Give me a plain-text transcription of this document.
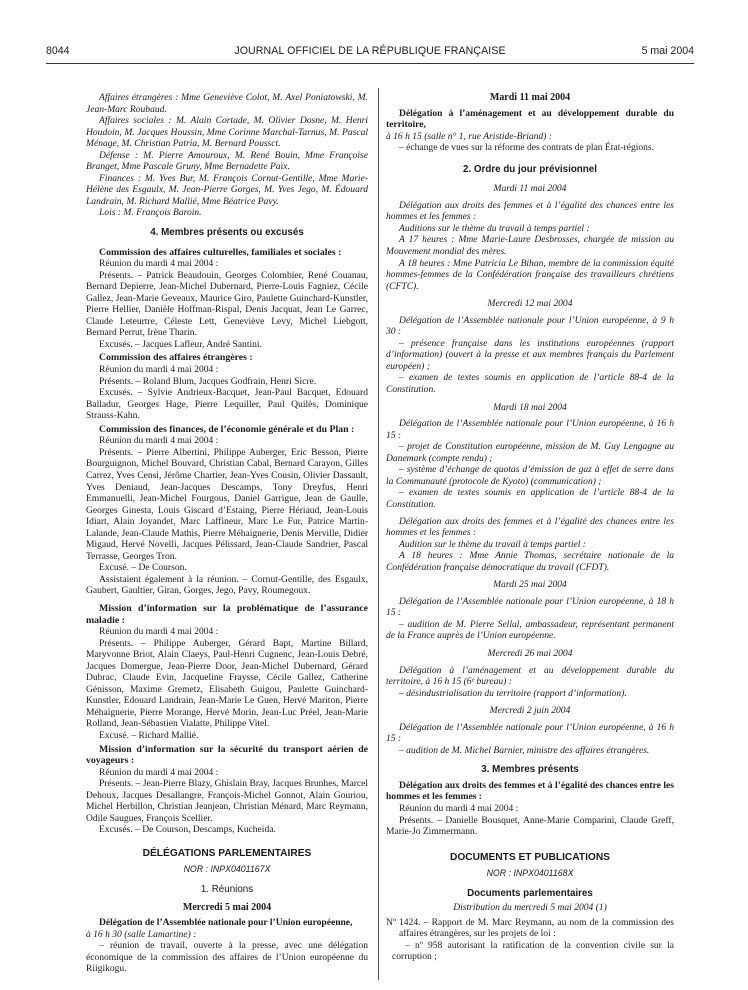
8044	JOURNAL OFFICIEL DE LA RÉPUBLIQUE FRANÇAISE	5 mai 2004

Affaires étrangères : Mme Geneviève Colot, M. Axel Poniatowski, M. Jean-Marc Roubaud.

Affaires sociales : M. Alain Cortade, M. Olivier Dosne, M. Henri Houdoin, M. Jacques Houssin, Mme Corinne Marchal-Tarnus, M. Pascal Ménage, M. Christian Patria, M. Bernard Poussct.

Défense : M. Pierre Amouroux, M. René Bouin, Mme Françoise Branget, Mme Pascale Gruny, Mme Bernadette Païx.

Finances : M. Yves Bur, M. François Cornut-Gentille, Mme Marie-Hélène des Esgaulx, M. Jean-Pierre Gorges, M. Yves Jego, M. Édouard Landrain, M. Richard Mallié, Mme Béatrice Pavy.

Lois : M. François Baroin.

4. Membres présents ou excusés

Commission des affaires culturelles, familiales et sociales :

Réunion du mardi 4 mai 2004 :

Présents. – Patrick Beaudouin, Georges Colombier, René Couanau, Bernard Depierre, Jean-Michel Dubernard, Pierre-Louis Fagniez, Cécile Gallez, Jean-Marie Geveaux, Maurice Giro, Paulette Guinchard-Kunstler, Pierre Hellier, Danièle Hoffman-Rispal, Denis Jacquat, Jean Le Garrec, Claude Leteurtre, Céleste Lett, Geneviève Levy, Michel Liebgott, Bernard Perrut, Irène Tharin.

Excusés. – Jacques Lafleur, André Santini.

Commission des affaires étrangères :

Réunion du mardi 4 mai 2004 :

Présents. – Roland Blum, Jacques Godfrain, Henri Sicre.

Excusés. – Sylvie Andrieux-Bacquet, Jean-Paul Bacquet, Edouard Balladur, Georges Hage, Pierre Lequiller, Paul Quilès, Dominique Strauss-Kahn.

Commission des finances, de l’économie générale et du Plan :

Réunion du mardi 4 mai 2004 :

Présents. – Pierre Albertini, Philippe Auberger, Eric Besson, Pierre Bourguignon, Michel Bouvard, Christian Cabal, Bernard Carayon, Gilles Carrez, Yves Censi, Jérôme Chartier, Jean-Yves Cousin, Olivier Dassault, Yves Deniaud, Jean-Jacques Descamps, Tony Dreyfus, Henri Emmanuelli, Jean-Michel Fourgous, Daniel Garrigue, Jean de Gaulle, Georges Ginesta, Louis Giscard d’Estaing, Pierre Hériaud, Jean-Louis Idiart, Alain Joyandet, Marc Laffineur, Marc Le Fur, Patrice Martin-Lalande, Jean-Claude Mathis, Pierre Méhaignerie, Denis Merville, Didier Migaud, Hervé Novelli, Jacques Pélissard, Jean-Claude Sandrier, Pascal Terrasse, Georges Tron.

Excusé. – De Courson.

Assistaient également à la réunion. – Cornut-Gentille, des Esgaulx, Gaubert, Gaultier, Giran, Gorges, Jego, Pavy, Roumegoux.

Mission d’information sur la problématique de l’assurance maladie :

Réunion du mardi 4 mai 2004 :

Présents. – Philippe Auberger, Gérard Bapt, Martine Billard, Maryvonne Briot, Alain Claeys, Paul-Henri Cugnenc, Jean-Louis Debré, Jacques Domergue, Jean-Pierre Door, Jean-Michel Dubernard, Gérard Dubrac, Claude Evin, Jacqueline Fraysse, Cécile Gallez, Catherine Génisson, Maxime Gremetz, Elisabeth Guigou, Paulette Guinchard-Kunstler, Edouard Landrain, Jean-Marie Le Guen, Hervé Mariton, Pierre Méhaignerie, Pierre Morange, Hervé Morin, Jean-Luc Préel, Jean-Marie Rolland, Jean-Sébastien Vialatte, Philippe Vitel.

Excusé. – Richard Mallié.

Mission d’information sur la sécurité du transport aérien de voyageurs :

Réunion du mardi 4 mai 2004 :

Présents. – Jean-Pierre Blazy, Ghislain Bray, Jacques Brunhes, Marcel Dehoux, Jacques Desallangre, François-Michel Gonnot, Alain Gouriou, Michel Herbillon, Christian Jeanjean, Christian Ménard, Marc Reymann, Odile Saugues, François Scellier.

Excusés. – De Courson, Descamps, Kucheida.

DÉLÉGATIONS PARLEMENTAIRES
NOR : INPX0401167X
1. Réunions
Mercredi 5 mai 2004

Délégation de l’Assemblée nationale pour l’Union européenne,

à 16 h 30 (salle Lamartine) :

– réunion de travail, ouverte à la presse, avec une délégation économique de la commission des affaires de l’Union européenne du Riigikogu.

Mardi 11 mai 2004

Délégation à l’aménagement et au développement durable du territoire,

à 16 h 15 (salle n° 1, rue Aristide-Briand) :

– échange de vues sur la réforme des contrats de plan État-régions.

2. Ordre du jour prévisionnel
Mardi 11 mai 2004

Délégation aux droits des femmes et à l’égalité des chances entre les hommes et les femmes :

Auditions sur le thème du travail à temps partiel :

A 17 heures : Mme Marie-Laure Desbrosses, chargée de mission au Mouvement mondial des mères.

A 18 heures : Mme Patricia Le Bihan, membre de la commission équité hommes-femmes de la Confédération française des travailleurs chrétiens (CFTC).

Mercredi 12 mai 2004

Délégation de l’Assemblée nationale pour l’Union européenne, à 9 h 30 :

– présence française dans les institutions européennes (rapport d’information) (ouvert à la presse et aux membres français du Parlement européen) ;

– examen de textes soumis en application de l’article 88-4 de la Constitution.

Mardi 18 mai 2004

Délégation de l’Assemblée nationale pour l’Union européenne, à 16 h 15 :

– projet de Constitution européenne, mission de M. Guy Lengagne au Danemark (compte rendu) ;

– système d’échange de quotas d’émission de gaz à effet de serre dans la Communauté (protocole de Kyoto) (communication) ;

– examen de textes soumis en application de l’article 88-4 de la Constitution.

Délégation aux droits des femmes et à l’égalité des chances entre les hommes et les femmes :

Audition sur le thème du travail à temps partiel :

A 18 heures : Mme Annie Thomas, secrétaire nationale de la Confédération française démocratique du travail (CFDT).

Mardi 25 mai 2004

Délégation de l’Assemblée nationale pour l’Union européenne, à 18 h 15 :

– audition de M. Pierre Sellal, ambassadeur, représentant permanent de la France auprès de l’Union européenne.

Mercredi 26 mai 2004

Délégation à l’aménagement et au développement durable du territoire, à 16 h 15 (6ᵉ bureau) :

– désindustrialisation du territoire (rapport d’information).

Mercredi 2 juin 2004

Délégation de l’Assemblée nationale pour l’Union européenne, à 16 h 15 :

– audition de M. Michel Barnier, ministre des affaires étrangères.

3. Membres présents

Délégation aux droits des femmes et à l’égalité des chances entre les hommes et les femmes :

Réunion du mardi 4 mai 2004 :

Présents. – Danielle Bousquet, Anne-Marie Comparini, Claude Greff, Marie-Jo Zimmermann.

DOCUMENTS ET PUBLICATIONS
NOR : INPX0401168X
Documents parlementaires
Distribution du mercredi 5 mai 2004 (1)

Nº 1424. – Rapport de M. Marc Reymann, au nom de la commission des affaires étrangères, sur les projets de loi :

– nº 958 autorisant la ratification de la convention civile sur la corruption ;
